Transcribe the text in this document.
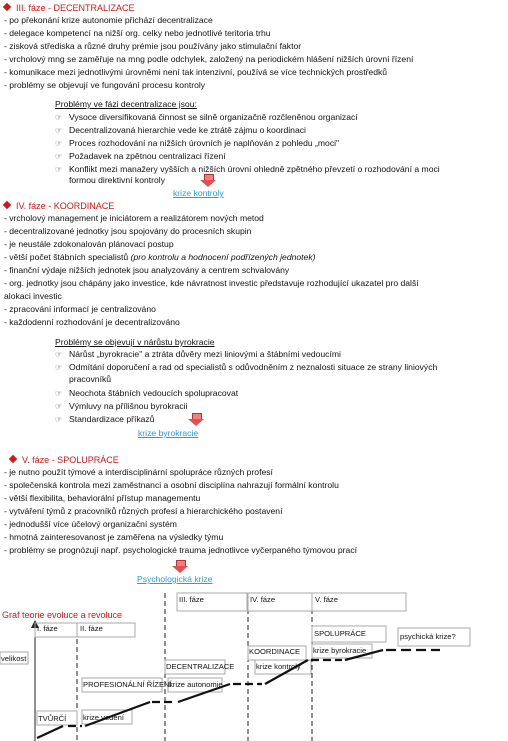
III. fáze - DECENTRALIZACE
- po překonání krize autonomie přichází decentralizace
- delegace kompetencí na nižší org. celky nebo jednotlivé teritoria trhu
- zisková střediska a různé druhy prémie jsou používány jako stimulační faktor
- vrcholový mng se zaměřuje na mng podle odchylek, založený na periodickém hlášení nižších úrovní řízení
- komunikace mezi jednotlivými úrovněmi není tak intenzivní, používá se více technických prostředků
- problémy se objevují ve fungování procesu kontroly
Problémy ve fázi decentralizace jsou:
☞ Vysoce diversifikovaná činnost se silně organizačně rozčleněnou organizací
☞ Decentralizovaná hierarchie vede ke ztrátě zájmu o koordinaci
☞ Proces rozhodování na nižších úrovních je naplňován z pohledu „moci"
☞ Požadavek na zpětnou centralizaci řízení
☞ Konflikt mezi manažery vyšších a nižších úrovní ohledně zpětného převzetí o rozhodování a moci
formou direktivní kontroly
krize kontroly
IV. fáze - KOORDINACE
- vrcholový management je iniciátorem a realizátorem nových metod
- decentralizované jednotky jsou spojovány do procesních skupin
- je neustále zdokonalován plánovací postup
- větší počet štábních specialistů (pro kontrolu a hodnocení podřízených jednotek)
- finanční výdaje nižších jednotek jsou analyzovány a centrem schvalovány
- org. jednotky jsou chápány jako investice, kde návratnost investic představuje rozhodující ukazatel pro další
alokaci investic
- zpracování informací je centralizováno
- každodenní rozhodování je decentralizováno
Problémy se objevují v nárůstu byrokracie
☞ Nárůst „byrokracie" a ztráta důvěry mezi liniovými a štábními vedoucími
☞ Odmítání doporučení a rad od specialistů s odůvodněním z neznalosti situace ze strany liniových
pracovníků
☞ Neochota štábních vedoucích spolupracovat
☞ Výmluvy na přílišnou byrokracii
☞ Standardizace příkazů
krize byrokracie
V. fáze - SPOLUPRÁCE
- je nutno použít týmové a interdisciplinární spolupráce různých profesí
- společenská kontrola mezi zaměstnanci a osobní disciplína nahrazují formální kontrolu
- větší flexibilita, behaviorální přístup managementu
- vytváření týmů z pracovníků různých profesí a hierarchického postavení
- jednodušší více účelový organizační systém
- hmotná zainteresovanost je zaměřena na výsledky týmu
- problémy se prognózují např. psychologické trauma jednotlivce vyčerpaného týmovou prací
Psychologická krize
Graf teorie evoluce a revoluce
I. fáze	II. fáze
III. fáze	IV. fáze	V. fáze
velikost
TVŮRČÍ
PROFESIONÁLNÍ ŘÍZENÍ
DECENTRALIZACE
KOORDINACE
SPOLUPRÁCE
krize vedení
krize autonomie
krize kontroly
krize byrokracie
psychická krize?
